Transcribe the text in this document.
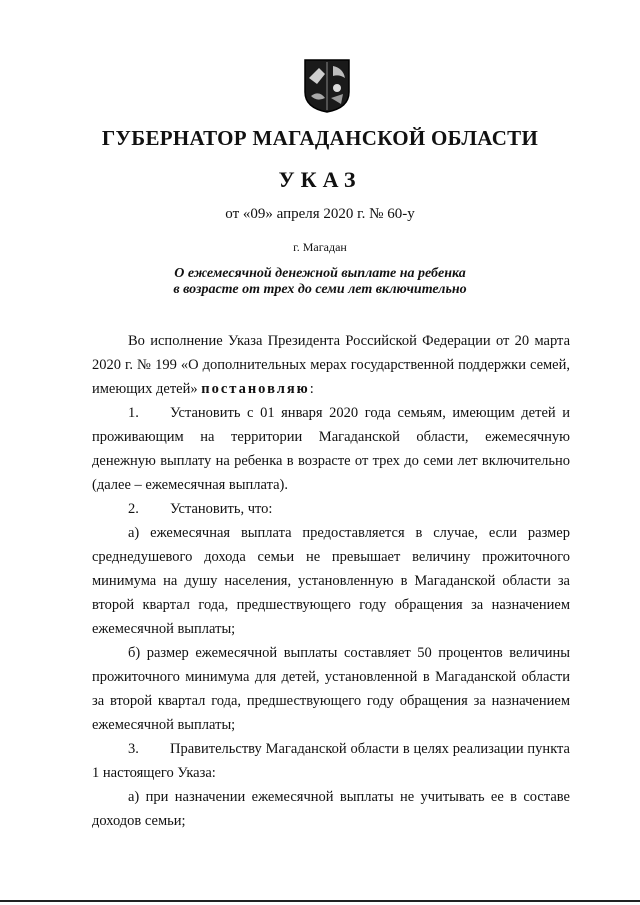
ГУБЕРНАТОР МАГАДАНСКОЙ ОБЛАСТИ
УКАЗ

от «09» апреля 2020 г. № 60-у

г. Магадан

О ежемесячной денежной выплате на ребенка
в возрасте от трех до семи лет включительно

Во исполнение Указа Президента Российской Федерации от 20 марта 2020 г. № 199 «О дополнительных мерах государственной поддержки семей, имеющих детей» постановляю:

1. Установить с 01 января 2020 года семьям, имеющим детей и проживающим на территории Магаданской области, ежемесячную денежную выплату на ребенка в возрасте от трех до семи лет включительно (далее – ежемесячная выплата).

2. Установить, что:

а) ежемесячная выплата предоставляется в случае, если размер среднедушевого дохода семьи не превышает величину прожиточного минимума на душу населения, установленную в Магаданской области за второй квартал года, предшествующего году обращения за назначением ежемесячной выплаты;

б) размер ежемесячной выплаты составляет 50 процентов величины прожиточного минимума для детей, установленной в Магаданской области за второй квартал года, предшествующего году обращения за назначением ежемесячной выплаты;

3. Правительству Магаданской области в целях реализации пункта 1 настоящего Указа:

а) при назначении ежемесячной выплаты не учитывать ее в составе доходов семьи;
